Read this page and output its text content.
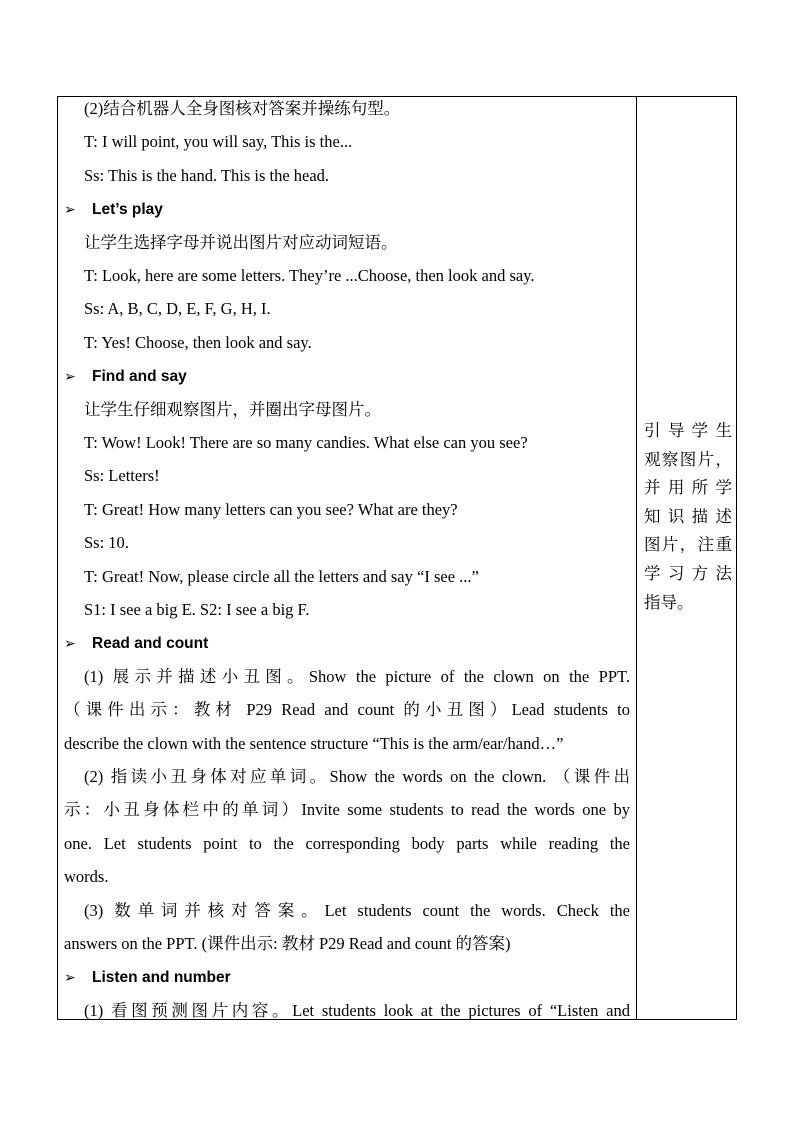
(2)结合机器人全身图核对答案并操练句型。
T: I will point, you will say, This is the...
Ss: This is the hand. This is the head.
➢ Let’s play
让学生选择字母并说出图片对应动词短语。
T: Look, here are some letters. They’re ...Choose, then look and say.
Ss: A, B, C, D, E, F, G, H, I.
T: Yes! Choose, then look and say.
➢ Find and say
让学生仔细观察图片，并圈出字母图片。
T: Wow! Look! There are so many candies. What else can you see?
Ss: Letters!
T: Great! How many letters can you see? What are they?
Ss: 10.
T: Great! Now, please circle all the letters and say “I see ...”
S1: I see a big E. S2: I see a big F.
➢ Read and count
(1) 展示并描述小丑图。Show the picture of the clown on the PPT.
（课件出示：教材 P29 Read and count 的小丑图）Lead students to
describe the clown with the sentence structure “This is the arm/ear/hand…”
(2) 指读小丑身体对应单词。Show the words on the clown. （课件出
示：小丑身体栏中的单词）Invite some students to read the words one by
one. Let students point to the corresponding body parts while reading the
words.
(3) 数单词并核对答案。Let students count the words. Check the
answers on the PPT. (课件出示: 教材 P29 Read and count 的答案)
➢ Listen and number
(1) 看图预测图片内容。Let students look at the pictures of “Listen and
引导学生
观察图片，
并用所学
知识描述
图片，注重
学习方法
指导。
